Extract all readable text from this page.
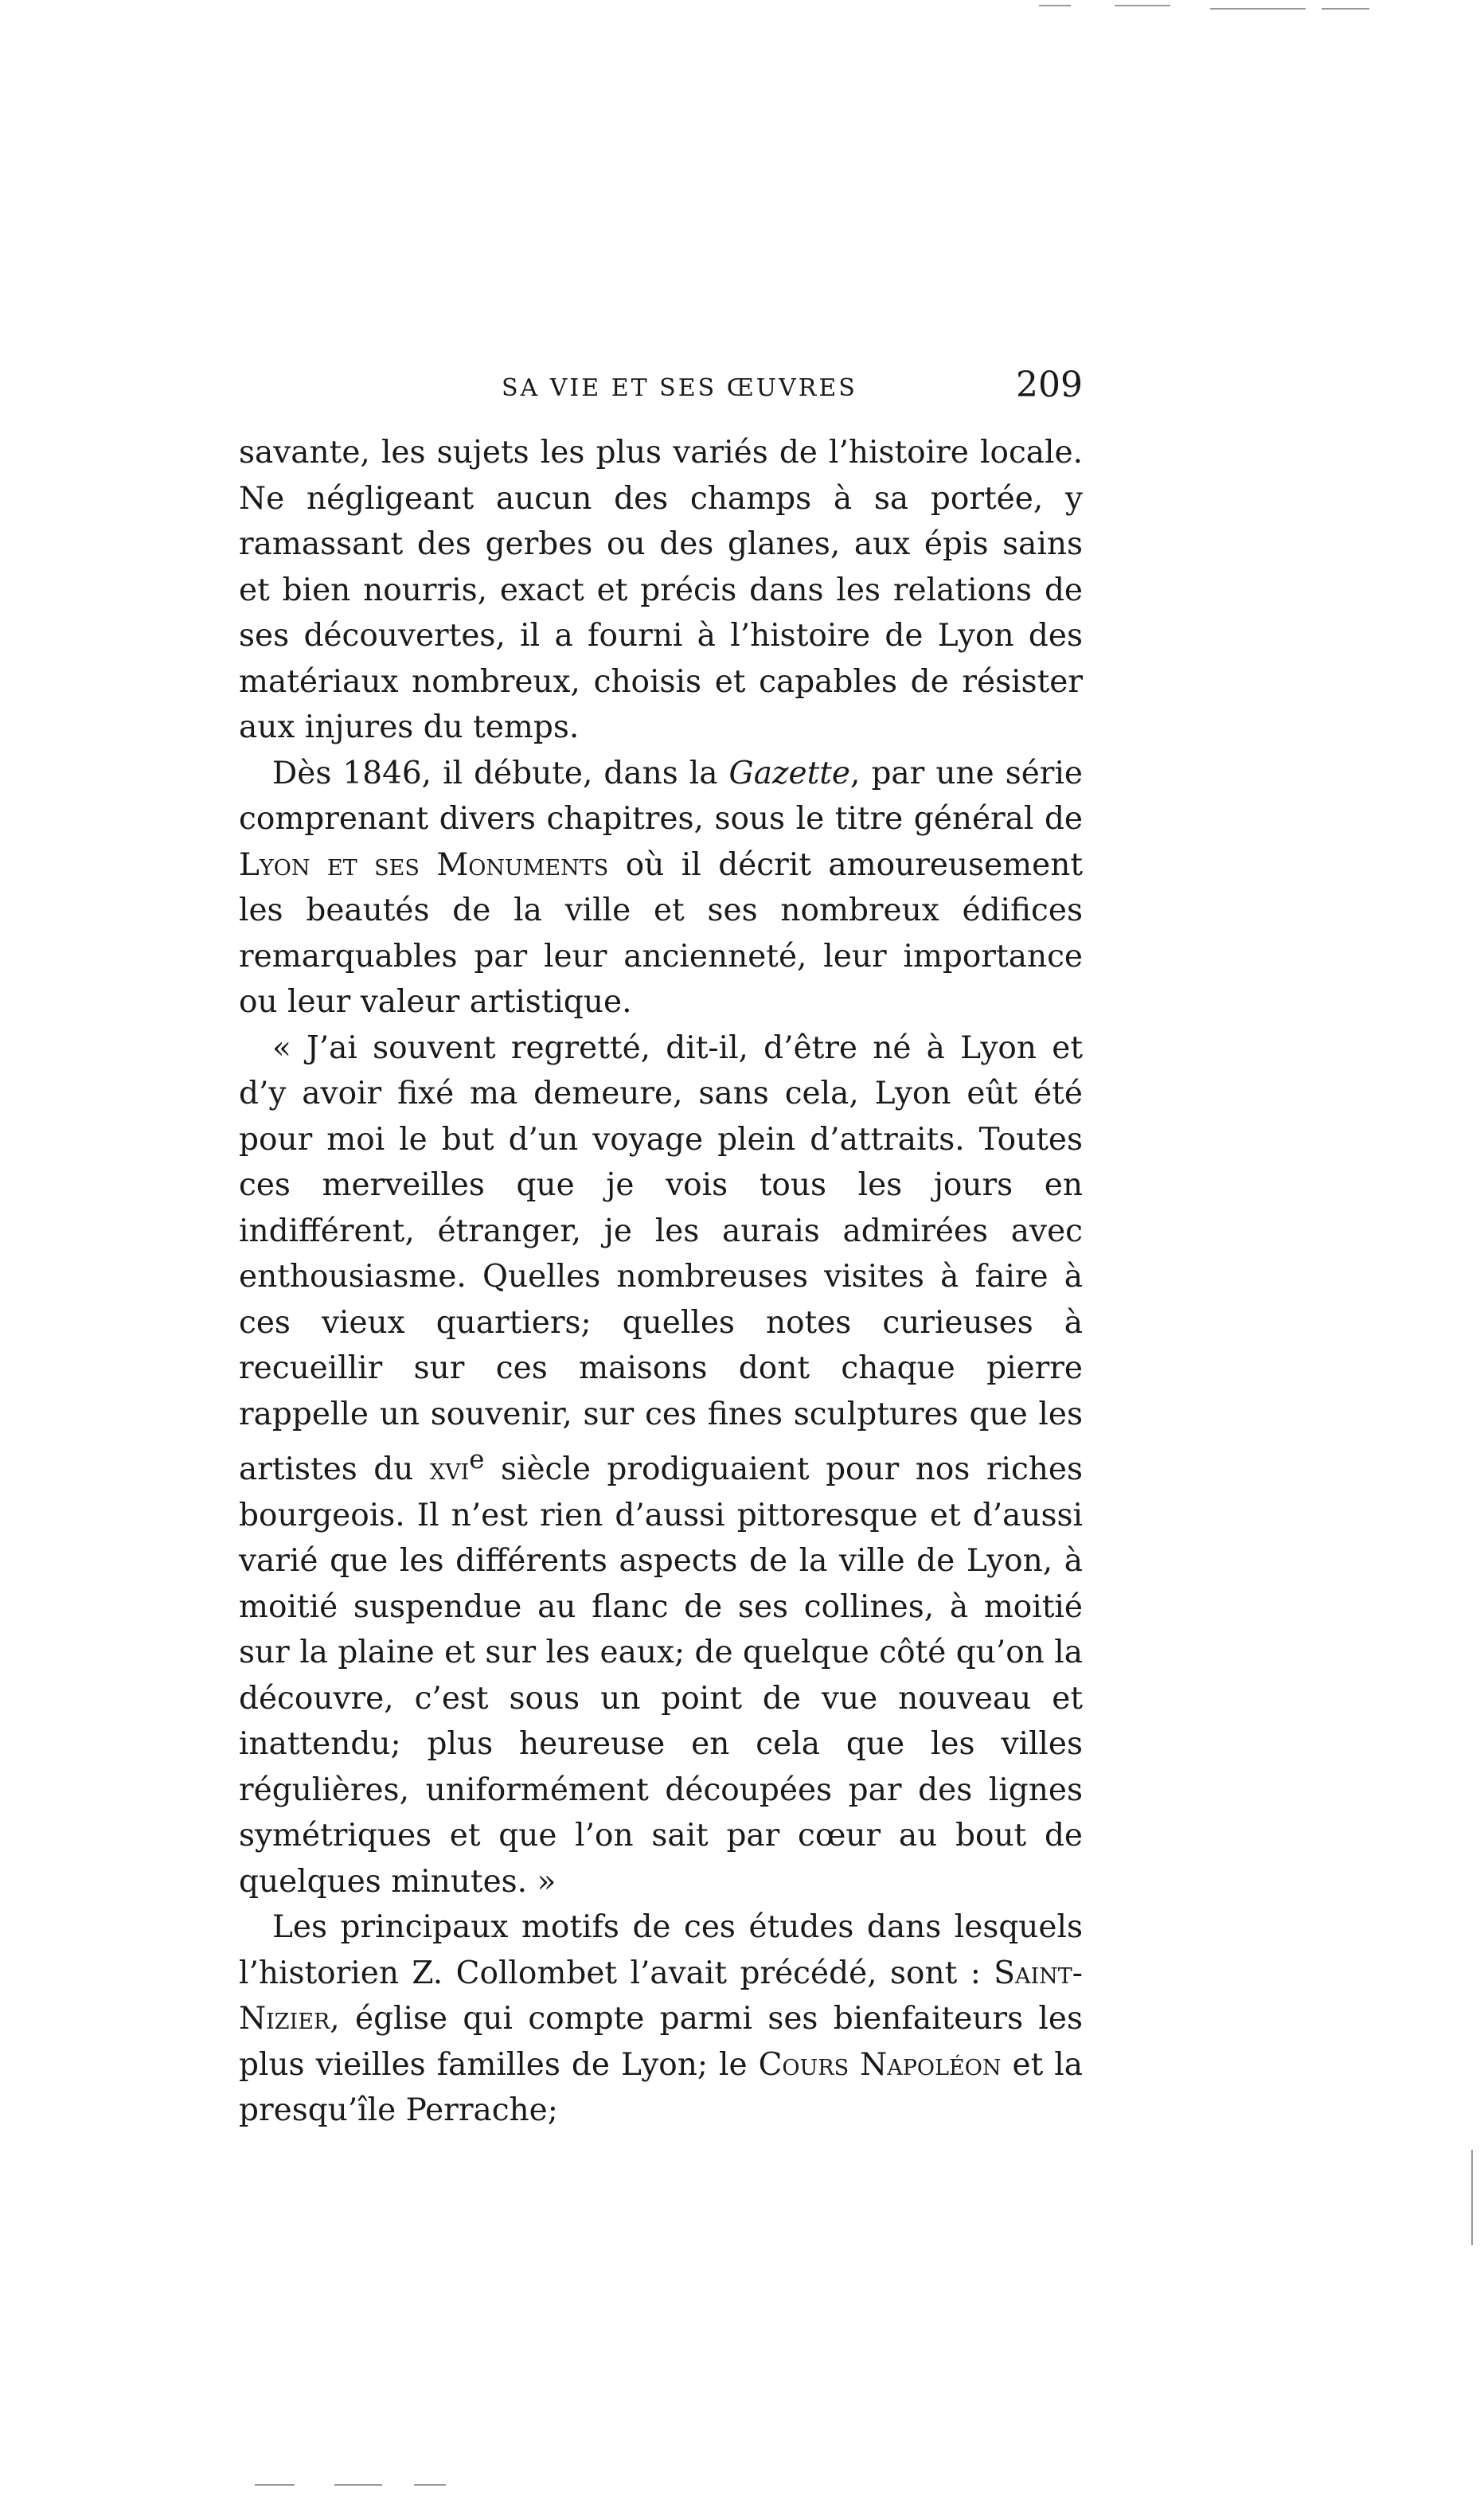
SA VIE ET SES ŒUVRES	209

savante, les sujets les plus variés de l’histoire locale. Ne négligeant aucun des champs à sa portée, y ramassant des gerbes ou des glanes, aux épis sains et bien nourris, exact et précis dans les relations de ses découvertes, il a fourni à l’histoire de Lyon des matériaux nombreux, choisis et capables de résister aux injures du temps.

Dès 1846, il débute, dans la Gazette, par une série comprenant divers chapitres, sous le titre général de Lyon et ses Monuments où il décrit amoureusement les beautés de la ville et ses nombreux édifices remarquables par leur ancienneté, leur importance ou leur valeur artistique.

« J’ai souvent regretté, dit-il, d’être né à Lyon et d’y avoir fixé ma demeure, sans cela, Lyon eût été pour moi le but d’un voyage plein d’attraits. Toutes ces merveilles que je vois tous les jours en indifférent, étranger, je les aurais admirées avec enthousiasme. Quelles nombreuses visites à faire à ces vieux quartiers; quelles notes curieuses à recueillir sur ces maisons dont chaque pierre rappelle un souvenir, sur ces fines sculptures que les artistes du xvi$^e$ siècle prodiguaient pour nos riches bourgeois. Il n’est rien d’aussi pittoresque et d’aussi varié que les différents aspects de la ville de Lyon, à moitié suspendue au flanc de ses collines, à moitié sur la plaine et sur les eaux; de quelque côté qu’on la découvre, c’est sous un point de vue nouveau et inattendu; plus heureuse en cela que les villes régulières, uniformément découpées par des lignes symétriques et que l’on sait par cœur au bout de quelques minutes. »

Les principaux motifs de ces études dans lesquels l’historien Z. Collombet l’avait précédé, sont : Saint-Nizier, église qui compte parmi ses bienfaiteurs les plus vieilles familles de Lyon; le Cours Napoléon et la presqu’île Perrache;
